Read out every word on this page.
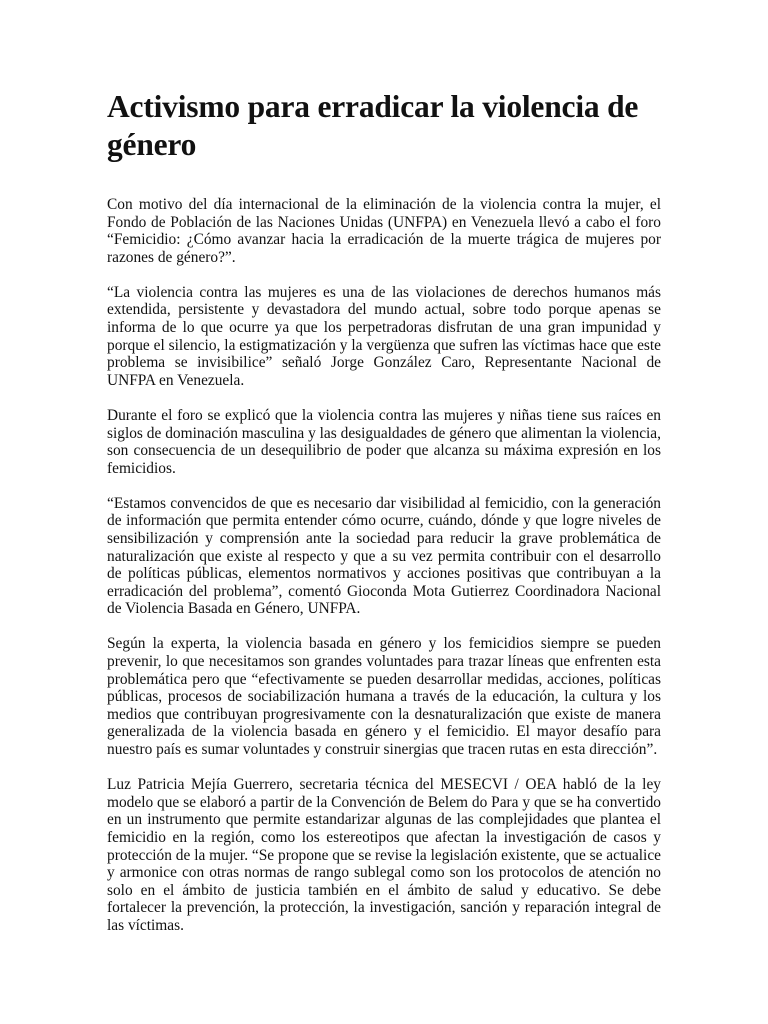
Activismo para erradicar la violencia de género

Con motivo del día internacional de la eliminación de la violencia contra la mujer, el Fondo de Población de las Naciones Unidas (UNFPA) en Venezuela llevó a cabo el foro “Femicidio: ¿Cómo avanzar hacia la erradicación de la muerte trágica de mujeres por razones de género?”.

“La violencia contra las mujeres es una de las violaciones de derechos humanos más extendida, persistente y devastadora del mundo actual, sobre todo porque apenas se informa de lo que ocurre ya que los perpetradoras disfrutan de una gran impunidad y porque el silencio, la estigmatización y la vergüenza que sufren las víctimas hace que este problema se invisibilice” señaló Jorge González Caro, Representante Nacional de UNFPA en Venezuela.

Durante el foro se explicó que la violencia contra las mujeres y niñas tiene sus raíces en siglos de dominación masculina y las desigualdades de género que alimentan la violencia, son consecuencia de un desequilibrio de poder que alcanza su máxima expresión en los femicidios.

“Estamos convencidos de que es necesario dar visibilidad al femicidio, con la generación de información que permita entender cómo ocurre, cuándo, dónde y que logre niveles de sensibilización y comprensión ante la sociedad para reducir la grave problemática de naturalización que existe al respecto y que a su vez permita contribuir con el desarrollo de políticas públicas, elementos normativos y acciones positivas que contribuyan a la erradicación del problema”, comentó Gioconda Mota Gutierrez Coordinadora Nacional de Violencia Basada en Género, UNFPA.

Según la experta, la violencia basada en género y los femicidios siempre se pueden prevenir, lo que necesitamos son grandes voluntades para trazar líneas que enfrenten esta problemática pero que “efectivamente se pueden desarrollar medidas, acciones, políticas públicas, procesos de sociabilización humana a través de la educación, la cultura y los medios que contribuyan progresivamente con la desnaturalización que existe de manera generalizada de la violencia basada en género y el femicidio. El mayor desafío para nuestro país es sumar voluntades y construir sinergias que tracen rutas en esta dirección”.

Luz Patricia Mejía Guerrero, secretaria técnica del MESECVI / OEA habló de la ley modelo que se elaboró a partir de la Convención de Belem do Para y que se ha convertido en un instrumento que permite estandarizar algunas de las complejidades que plantea el femicidio en la región, como los estereotipos que afectan la investigación de casos y protección de la mujer. “Se propone que se revise la legislación existente, que se actualice y armonice con otras normas de rango sublegal como son los protocolos de atención no solo en el ámbito de justicia también en el ámbito de salud y educativo. Se debe fortalecer la prevención, la protección, la investigación, sanción y reparación integral de las víctimas.
